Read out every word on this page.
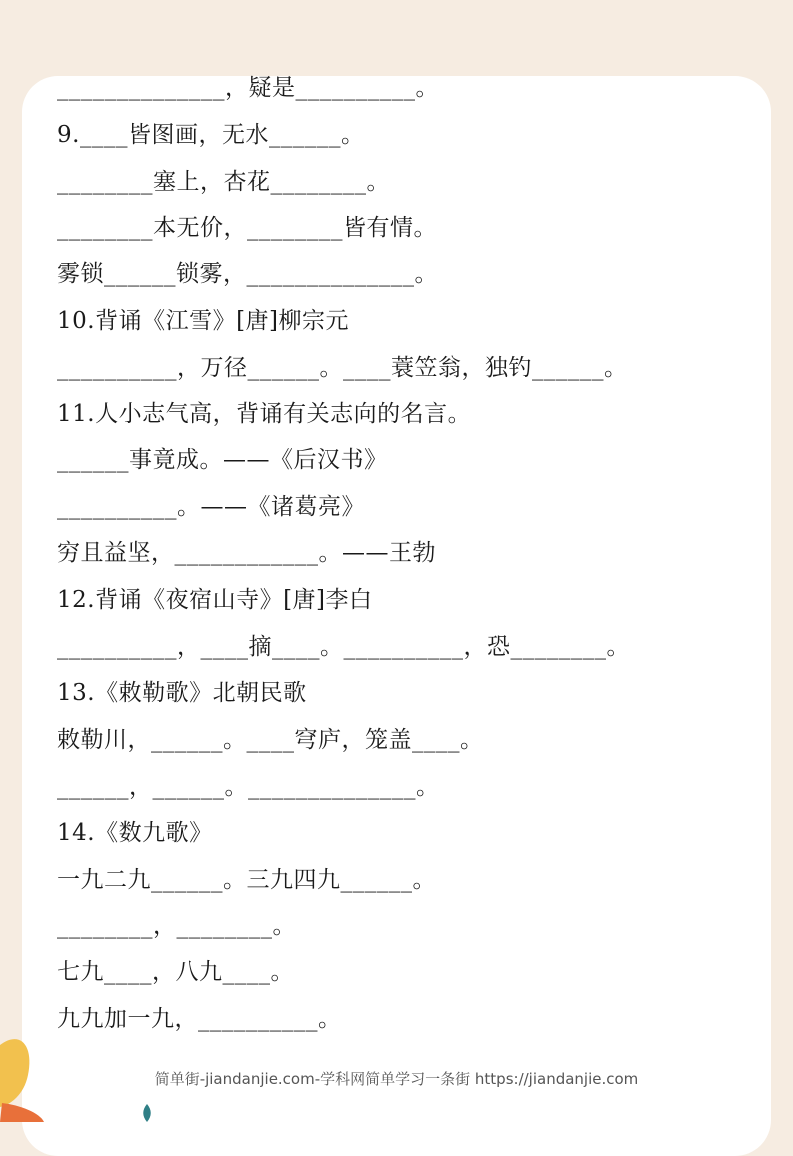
______________，疑是__________。
9.____皆图画，无水______。
________塞上，杏花________。
________本无价，________皆有情。
雾锁______锁雾，______________。
10.背诵《江雪》[唐]柳宗元
__________，万径______。____蓑笠翁，独钓______。
11.人小志气高，背诵有关志向的名言。
______事竟成。——《后汉书》
__________。——《诸葛亮》
穷且益坚，____________。——王勃
12.背诵《夜宿山寺》[唐]李白
__________，____摘____。__________，恐________。
13.《敕勒歌》北朝民歌
敕勒川，______。____穹庐，笼盖____。
______，______。______________。
14.《数九歌》
一九二九______。三九四九______。
________，________。
七九____，八九____。
九九加一九，__________。
简单街-jiandanjie.com-学科网简单学习一条街 https://jiandanjie.com
